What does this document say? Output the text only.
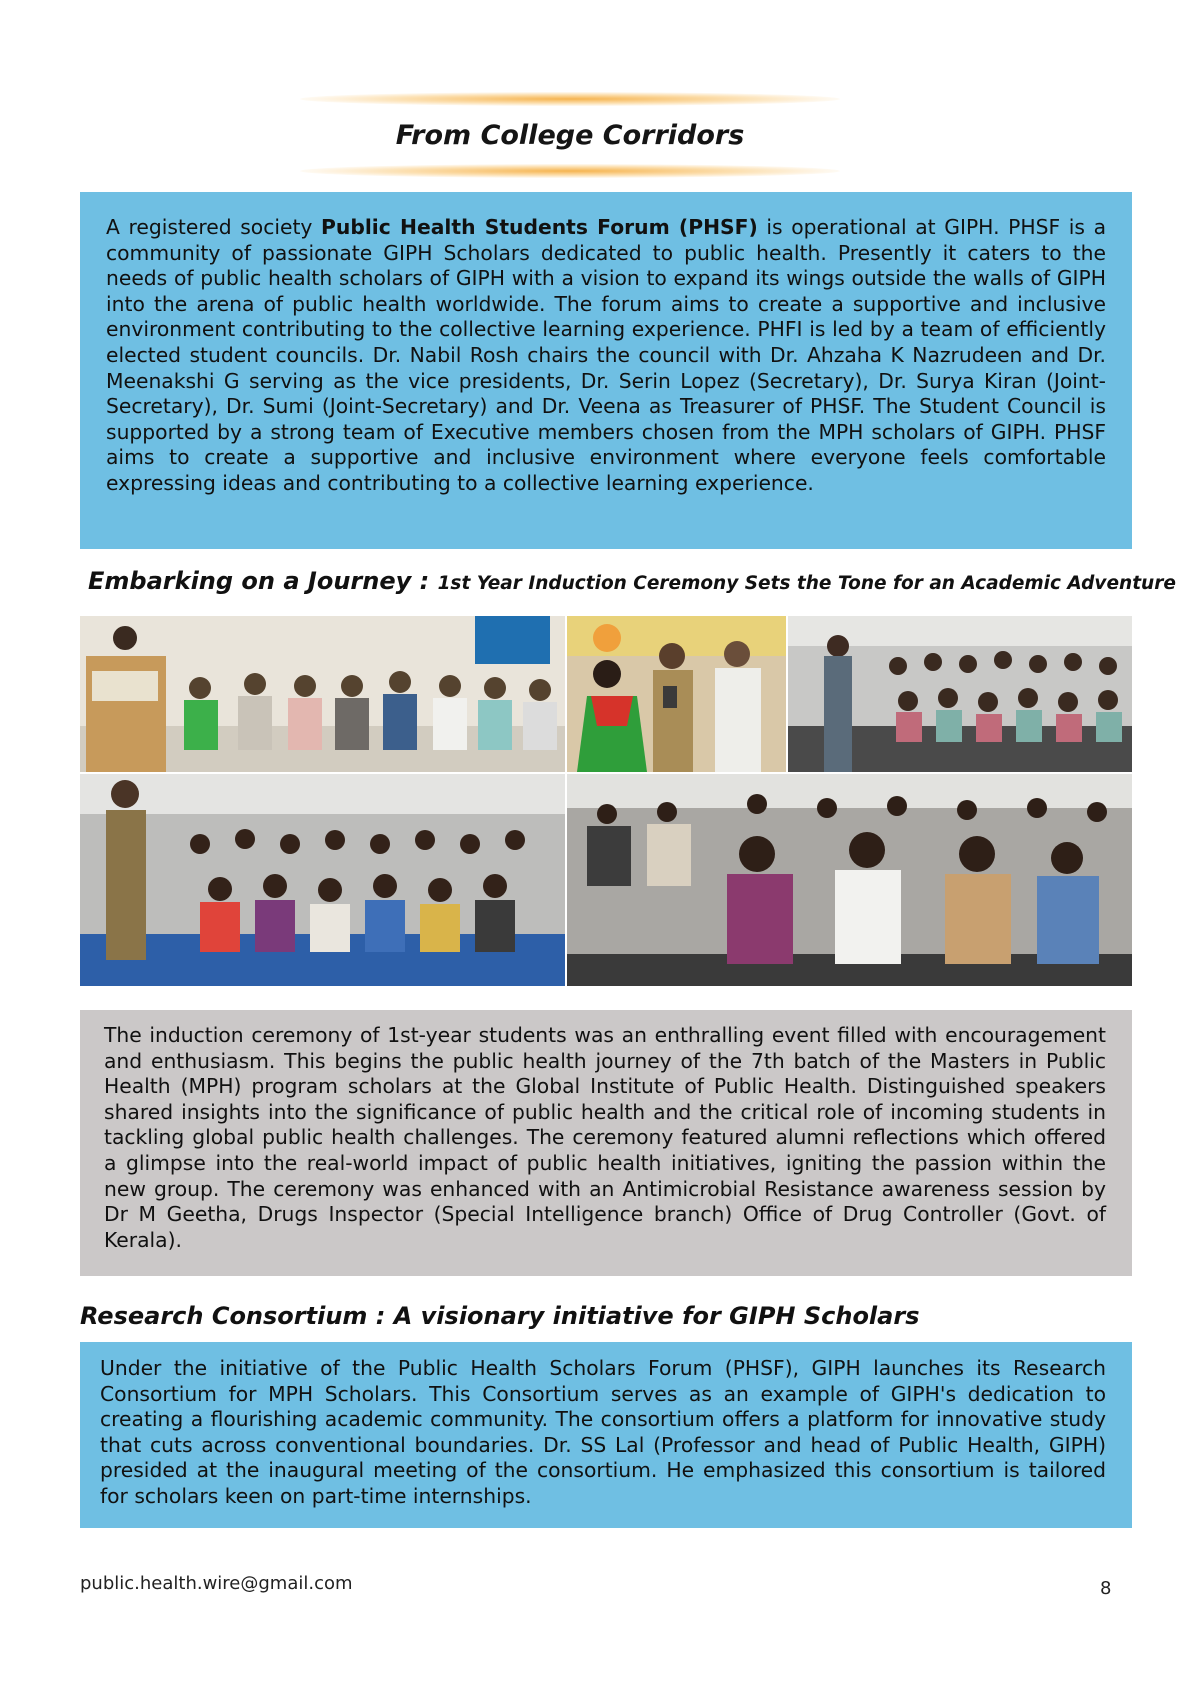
From College Corridors

A registered society Public Health Students Forum (PHSF) is operational at GIPH. PHSF is a community of passionate GIPH Scholars dedicated to public health. Presently it caters to the needs of public health scholars of GIPH with a vision to expand its wings outside the walls of GIPH into the arena of public health worldwide. The forum aims to create a supportive and inclusive environment contributing to the collective learning experience. PHFI is led by a team of efficiently elected student councils. Dr. Nabil Rosh chairs the council with Dr. Ahzaha K Nazrudeen and Dr. Meenakshi G serving as the vice presidents, Dr. Serin Lopez (Secretary), Dr. Surya Kiran (Joint-Secretary), Dr. Sumi (Joint-Secretary) and Dr. Veena as Treasurer of PHSF. The Student Council is supported by a strong team of Executive members chosen from the MPH scholars of GIPH. PHSF aims to create a supportive and inclusive environment where everyone feels comfortable expressing ideas and contributing to a collective learning experience.

Embarking on a Journey : 1st Year Induction Ceremony Sets the Tone for an Academic Adventure

The induction ceremony of 1st-year students was an enthralling event filled with encouragement and enthusiasm. This begins the public health journey of the 7th batch of the Masters in Public Health (MPH) program scholars at the Global Institute of Public Health. Distinguished speakers shared insights into the significance of public health and the critical role of incoming students in tackling global public health challenges. The ceremony featured alumni reflections which offered a glimpse into the real-world impact of public health initiatives, igniting the passion within the new group. The ceremony was enhanced with an Antimicrobial Resistance awareness session by Dr M Geetha, Drugs Inspector (Special Intelligence branch) Office of Drug Controller (Govt. of Kerala).

Research Consortium : A visionary initiative for GIPH Scholars

Under the initiative of the Public Health Scholars Forum (PHSF), GIPH launches its Research Consortium for MPH Scholars. This Consortium serves as an example of GIPH's dedication to creating a flourishing academic community. The consortium offers a platform for innovative study that cuts across conventional boundaries. Dr. SS Lal (Professor and head of Public Health, GIPH) presided at the inaugural meeting of the consortium. He emphasized this consortium is tailored for scholars keen on part-time internships.

public.health.wire@gmail.com	8
